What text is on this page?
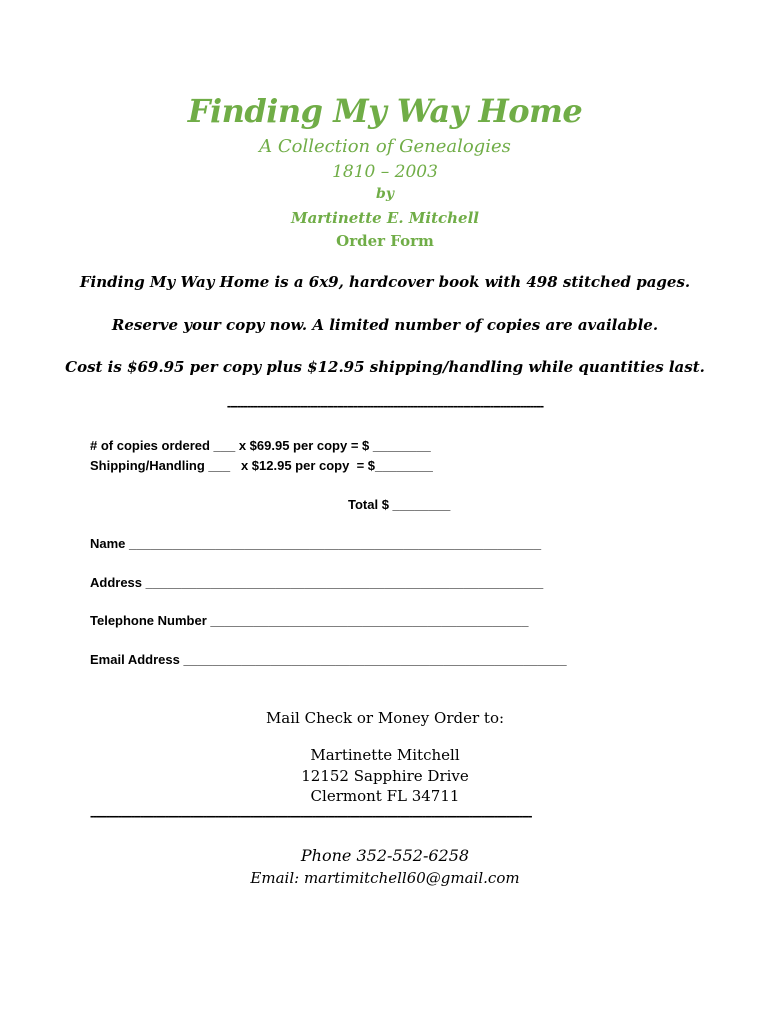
Finding My Way Home
A Collection of Genealogies
1810 – 2003
by
Martinette E. Mitchell
Order Form
Finding My Way Home is a 6x9, hardcover book with 498 stitched pages.
Reserve your copy now. A limited number of copies are available.
Cost is $69.95 per copy plus $12.95 shipping/handling while quantities last.
-----------------------------------------------------------------------------------------------
# of copies ordered ___ x $69.95 per copy = $ ________
Shipping/Handling ___   x $12.95 per copy  = $________
Total $ ________
Name _________________________________________________________
Address _______________________________________________________
Telephone Number ____________________________________________
Email Address _____________________________________________________
Mail Check or Money Order to:
Martinette Mitchell
12152 Sapphire Drive
Clermont FL 34711
---------------------------------------------------------------------------------------------------------------------------------------------
Phone 352-552-6258
Email: martimitchell60@gmail.com
